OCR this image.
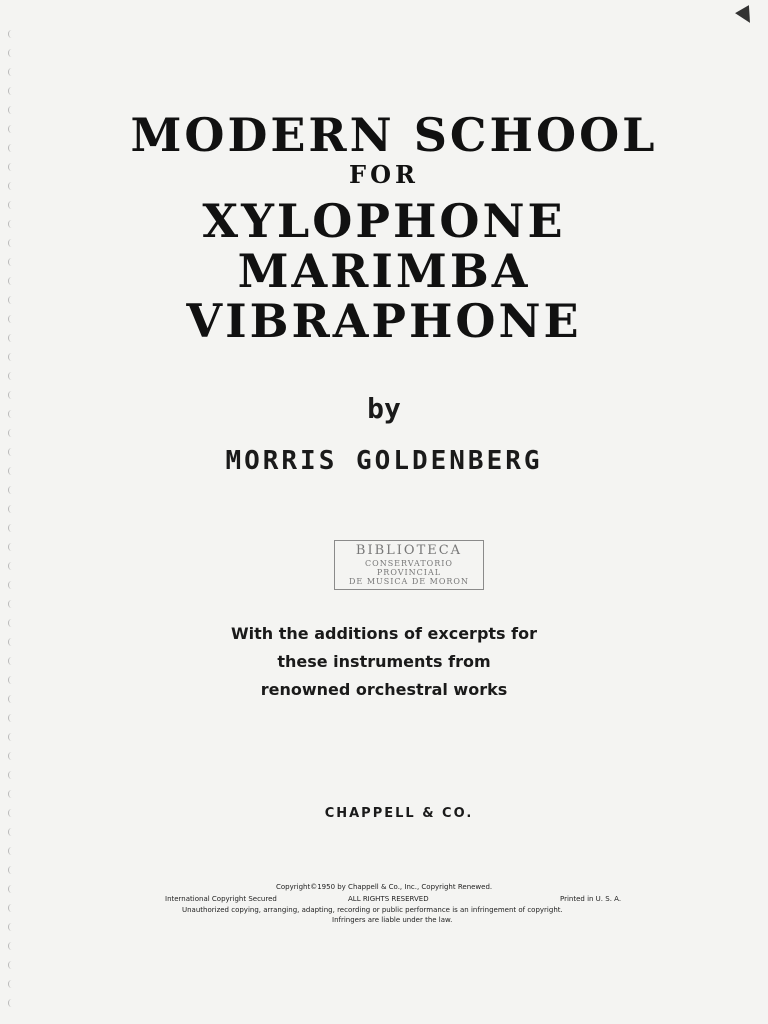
MODERN SCHOOL
FOR
XYLOPHONE
MARIMBA
VIBRAPHONE
by
MORRIS GOLDENBERG
BIBLIOTECA
CONSERVATORIO PROVINCIAL
DE MUSICA DE MORON
With the additions of excerpts for
these instruments from
renowned orchestral works
CHAPPELL & CO.
Copyright©1950 by Chappell & Co., Inc., Copyright Renewed.
International Copyright Secured	ALL RIGHTS RESERVED	Printed in U. S. A.
Unauthorized copying, arranging, adapting, recording or public performance is an infringement of copyright.
Infringers are liable under the law.
